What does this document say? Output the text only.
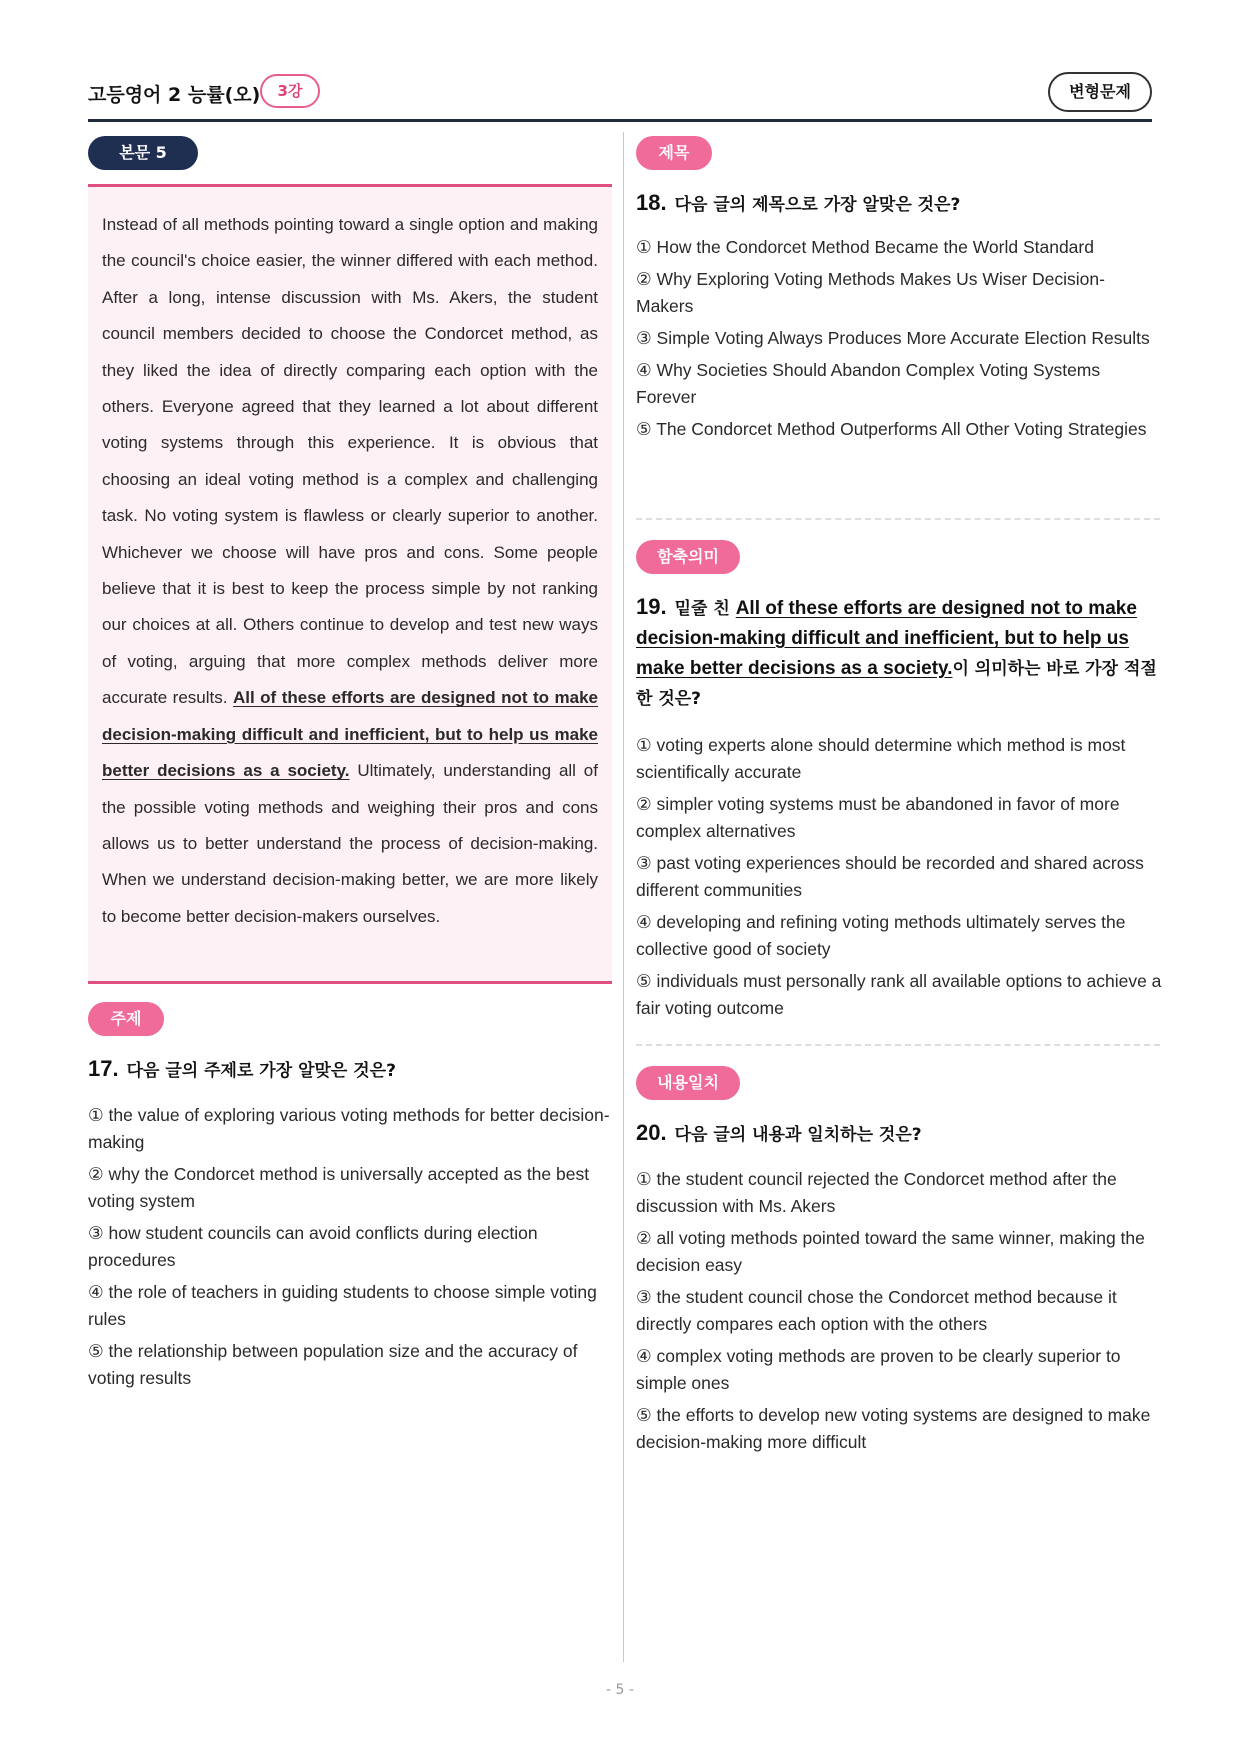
고등영어 2 능률(오)	3강	변형문제
본문 5

Instead of all methods pointing toward a single option and making the council's choice easier, the winner differed with each method. After a long, intense discussion with Ms. Akers, the student council members decided to choose the Condorcet method, as they liked the idea of directly comparing each option with the others. Everyone agreed that they learned a lot about different voting systems through this experience. It is obvious that choosing an ideal voting method is a complex and challenging task. No voting system is flawless or clearly superior to another. Whichever we choose will have pros and cons. Some people believe that it is best to keep the process simple by not ranking our choices at all. Others continue to develop and test new ways of voting, arguing that more complex methods deliver more accurate results. All of these efforts are designed not to make decision-making difficult and inefficient, but to help us make better decisions as a society. Ultimately, understanding all of the possible voting methods and weighing their pros and cons allows us to better understand the process of decision-making. When we understand decision-making better, we are more likely to become better decision-makers ourselves.

주제
17. 다음 글의 주제로 가장 알맞은 것은?
① the value of exploring various voting methods for better decision-making
② why the Condorcet method is universally accepted as the best voting system
③ how student councils can avoid conflicts during election procedures
④ the role of teachers in guiding students to choose simple voting rules
⑤ the relationship between population size and the accuracy of voting results
제목
18. 다음 글의 제목으로 가장 알맞은 것은?
① How the Condorcet Method Became the World Standard
② Why Exploring Voting Methods Makes Us Wiser Decision-Makers
③ Simple Voting Always Produces More Accurate Election Results
④ Why Societies Should Abandon Complex Voting Systems Forever
⑤ The Condorcet Method Outperforms All Other Voting Strategies
함축의미
19. 밑줄 친 All of these efforts are designed not to make decision-making difficult and inefficient, but to help us make better decisions as a society.이 의미하는 바로 가장 적절한 것은?
① voting experts alone should determine which method is most scientifically accurate
② simpler voting systems must be abandoned in favor of more complex alternatives
③ past voting experiences should be recorded and shared across different communities
④ developing and refining voting methods ultimately serves the collective good of society
⑤ individuals must personally rank all available options to achieve a fair voting outcome
내용일치
20. 다음 글의 내용과 일치하는 것은?
① the student council rejected the Condorcet method after the discussion with Ms. Akers
② all voting methods pointed toward the same winner, making the decision easy
③ the student council chose the Condorcet method because it directly compares each option with the others
④ complex voting methods are proven to be clearly superior to simple ones
⑤ the efforts to develop new voting systems are designed to make decision-making more difficult
- 5 -
